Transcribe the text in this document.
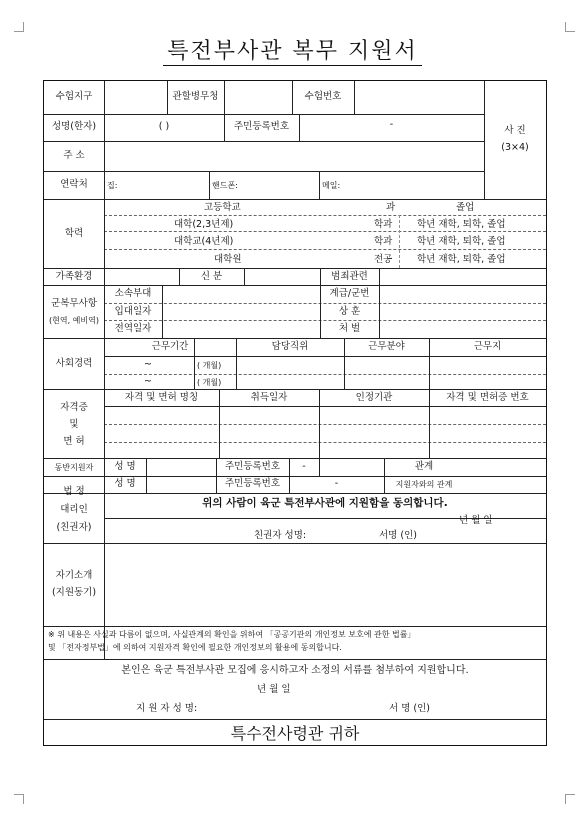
특전부사관 복무 지원서
수험지구	관할병무청	수험번호
사 진
(3×4)
성명(한자)	( )	주민등록번호	-
주 소
연락처	집:	핸드폰:	메일:
학력
고등학교	과	졸업
대학(2,3년제)	학과	학년 재학, 퇴학, 졸업
대학교(4년제)	학과	학년 재학, 퇴학, 졸업
대학원	전공	학년 재학, 퇴학, 졸업
가족환경	신 분	범죄관련
군복무사항
(현역, 예비역)
소속부대	계급/군번
입대일자	상 훈
전역일자	처 벌
사회경력
근무기간	담당직위	근무분야	근무지
~	( 개월)
~	( 개월)
자격증
및
면 허
자격 및 면허 명칭	취득일자	인정기관	자격 및 면허증 번호
동반지원자	성 명	주민등록번호	-	관계
성 명	주민등록번호	-	지원자와의 관계
법 정
대리인
(친권자)
위의 사람이 육군 특전부사관에 지원함을 동의합니다.
년 월 일
친권자 성명:	서명 (인)
자기소개
(지원동기)
※ 위 내용은 사실과 다름이 없으며, 사실관계의 확인을 위하여 「공공기관의 개인정보 보호에 관한 법률」
및 「전자정부법」에 의하여 지원자격 확인에 필요한 개인정보의 활용에 동의합니다.
본인은 육군 특전부사관 모집에 응시하고자 소정의 서류를 첨부하여 지원합니다.
년 월 일
지 원 자 성 명:	서 명 (인)
특수전사령관 귀하
